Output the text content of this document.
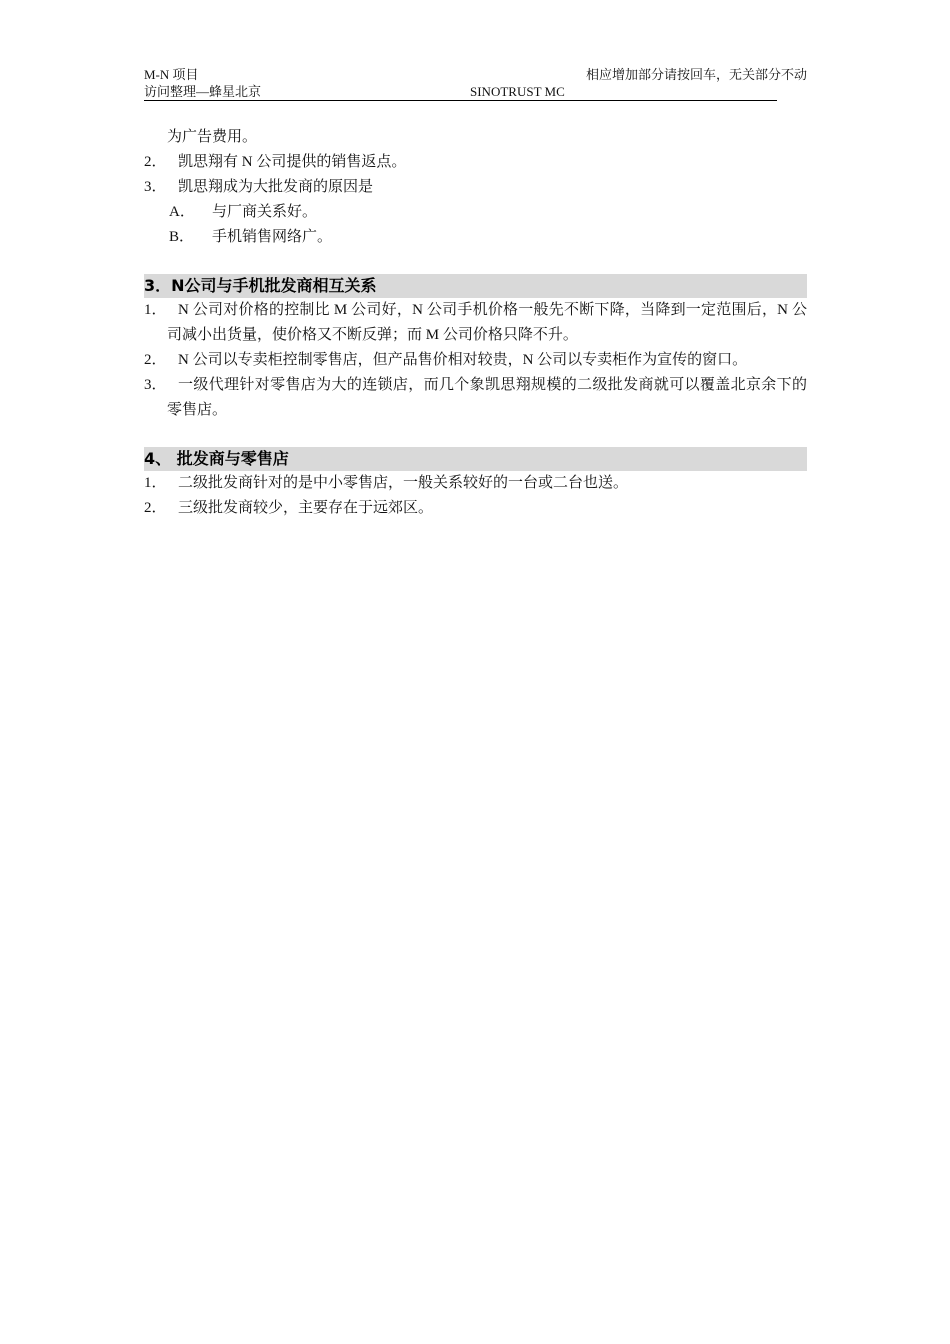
M-N 项目
访问整理—蜂星北京
相应增加部分请按回车，无关部分不动
SINOTRUST MC
为广告费用。
2． 凯思翔有 N 公司提供的销售返点。
3． 凯思翔成为大批发商的原因是
A． 与厂商关系好。
B． 手机销售网络广。
3．N公司与手机批发商相互关系
1． N 公司对价格的控制比 M 公司好，N 公司手机价格一般先不断下降，当降到一定范围后，N 公司减小出货量，使价格又不断反弹；而 M 公司价格只降不升。
2． N 公司以专卖柜控制零售店，但产品售价相对较贵，N 公司以专卖柜作为宣传的窗口。
3． 一级代理针对零售店为大的连锁店，而几个象凯思翔规模的二级批发商就可以覆盖北京余下的零售店。
4、 批发商与零售店
1． 二级批发商针对的是中小零售店，一般关系较好的一台或二台也送。
2． 三级批发商较少，主要存在于远郊区。
